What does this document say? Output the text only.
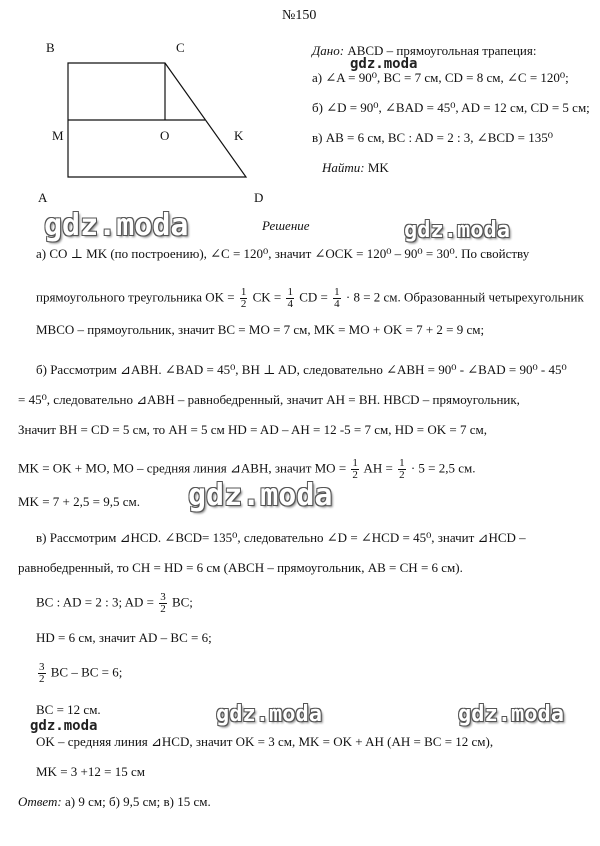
№150
B	C
M	O	K
A	D
Дано: ABCD – прямоугольная трапеция:
gdz.moda
а) ∠A = 90⁰, BC = 7 см, CD = 8 см, ∠C = 120⁰;
б) ∠D = 90⁰, ∠BAD = 45⁰, AD = 12 см, CD = 5 см;
в) AB = 6 см, BC : AD = 2 : 3, ∠BCD = 135⁰
Найти: MK
gdz.moda	gdz.moda
gdz.moda
gdz.moda	gdz.moda
gdz.moda
Решение
а) CO ⊥ MK (по построению), ∠C = 120⁰, значит ∠OCK = 120⁰ – 90⁰ = 30⁰. По свойству
прямоугольного треугольника OK = $\frac{1}{2}$ CK = $\frac{1}{4}$ CD = $\frac{1}{4} \cdot 8 = 2$ см. Образованный четырехугольник
MBCO – прямоугольник, значит BC = MO = 7 см, MK = MO + OK = 7 + 2 = 9 см;
б) Рассмотрим ⊿ABH. ∠BAD = 45⁰, BH ⊥ AD, следовательно ∠ABH = 90⁰ - ∠BAD = 90⁰ - 45⁰
= 45⁰, следовательно ⊿ABH – равнобедренный, значит AH = BH. HBCD – прямоугольник,
Значит BH = CD = 5 см, то AH = 5 см HD = AD – AH = 12 -5 = 7 см, HD = OK = 7 см,
MK = OK + MO, MO – средняя линия ⊿ABH, значит MO = $\frac{1}{2}$ AH = $\frac{1}{2} \cdot 5 = 2,5$ см.
MK = 7 + 2,5 = 9,5 см.
в) Рассмотрим ⊿HCD. ∠BCD= 135⁰, следовательно ∠D = ∠HCD = 45⁰, значит ⊿HCD –
равнобедренный, то CH = HD = 6 см (ABCH – прямоугольник, AB = CH = 6 см).
BC : AD = 2 : 3; AD = $\frac{3}{2}$ BC;
HD = 6 см, значит AD – BC = 6;
$\frac{3}{2}$ BC – BC = 6;
BC = 12 см.
OK – средняя линия ⊿HCD, значит OK = 3 см, MK = OK + AH (AH = BC = 12 см),
MK = 3 +12 = 15 см
Ответ: а) 9 см; б) 9,5 см; в) 15 см.
